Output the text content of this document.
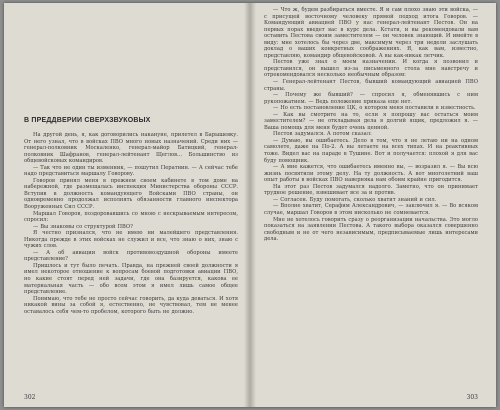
В ПРЕДДВЕРИИ СВЕРХЗВУКОВЫХ

На другой день, я, как договорились накануне, прилетел в Барышевку. От него узнал, что в войсках ПВО много новых назначений. Среди них — генерал-полковник Москаленко, генерал-майор Батицкий, генерал-полковник Шафранов, генерал-лейтенант Щеглов... Большинство из общевойсковых командиров.

— Так что не один ты изменник, — пошутил Ператнин. — А сейчас тебе надо представиться маршалу Говорову.

Говоров принял меня в прежнем своем кабинете в том доме на набережной, где размещалась инспекция Министерства обороны СССР. Вступив в должность командующего Войсками ПВО страны, он одновременно продолжал исполнять обязанности главного инспектора Вооруженных Сил СССР.

Маршал Говоров, поздоровавшись со мною с нескрываемым интересом, спросил:

— Вы знакомы со структурой ПВО?

Я честно признался, что не имею ни малейшего представления. Никогда прежде в этих войсках не служил и все, что знаю о них, знаю с чужих слов.

— А об авиации войск противовоздушной обороны имеете представление?

Пришлось и тут было печать. Правда, на прежней своей должности я имел некоторое отношение к вопросам боевой подготовки авиации ПВО, но какие стоят перед ней задачи, где она базируется, какова ее материальная часть — обо всем этом я имел лишь самое общее представление.

Понимаю, что тебе не просто сейчас говорить, да куда деваться. И хотя никакой вины за собой я, естественно, не чувствовал, тем не менее оставалось себя чем-то пробелом, которого быть не должно.

302

— Что ж, будем разбираться вместе. Я и сам плохо знаю эти войска, — с присущей восточному человеку прямой подход итога Говоров. — Командующий авиацией ПВО у нас генерал-лейтенант Пестов. Он на первых порах введет вас в курс дела. Кстати, и вы рекомендовали вам оставить Пестова своим заместителем — он человек знающий. И имейте в виду: мне хотелось бы через две, максимум через три недели заслушать доклад о ваших конкретных соображениях. Я, как вам, известно, представляю, командир общевойсковой. А вы как-никак летчик.

Пестов уже знал о моем назначении. И когда я позвонил и представился, он вышел из-за письменного стола мне навстречу и отрекомендовался несколько необычным образом:

— Генерал-лейтенант Пестов, бывший командующий авиацией ПВО страны.

— Почему же бывший? — спросил я, обменявшись с ним рукопожатием. — Ведь положение приказа еще нет.

— Но есть постановление ЦК, о котором меня поставили в известность.

— Как вы смотрите на то, если я попрошу вас остаться моим заместителем? — не откладывая дела в долгий ящик, предложил я. — Ваша помощь для меня будет очень ценной.

Пестов задумался. А потом сказал:

— Думаю, вы ошибаетесь. Дело в том, что я не летаю ни на одном самолете, даже на По-2. А вы летаете на всех типах. И на реактивных тоже. Видел вас на параде в Тушине. Вот и получается: плохой я для вас буду помощник.

— А мне кажется, что ошибаетесь именно вы, — возразил я. — Вы всю жизнь посвятили этому делу. На ту должность. А вот многолетний ваш опыт работы в войсках ПВО наверняка нам обоим крайне пригодится.

На этот раз Пестов задумался надолго. Заметно, что он принимает трудное решение, взвешивает все за и против.

— Согласен. Буду помогать, сколько хватит знаний и сил.

— Вполне хватит, Серафим Александрович, — заключил я. — Во всяком случае, маршал Говоров в этом нисколько не сомневается.

Мне не хотелось говорить сразу о реорганизации начальства. Это могло показаться на заявлении Пестова. А такого выбора оказался совершенно свободным и не от чего независимым, предписываемые лишь интересами дела.

303
